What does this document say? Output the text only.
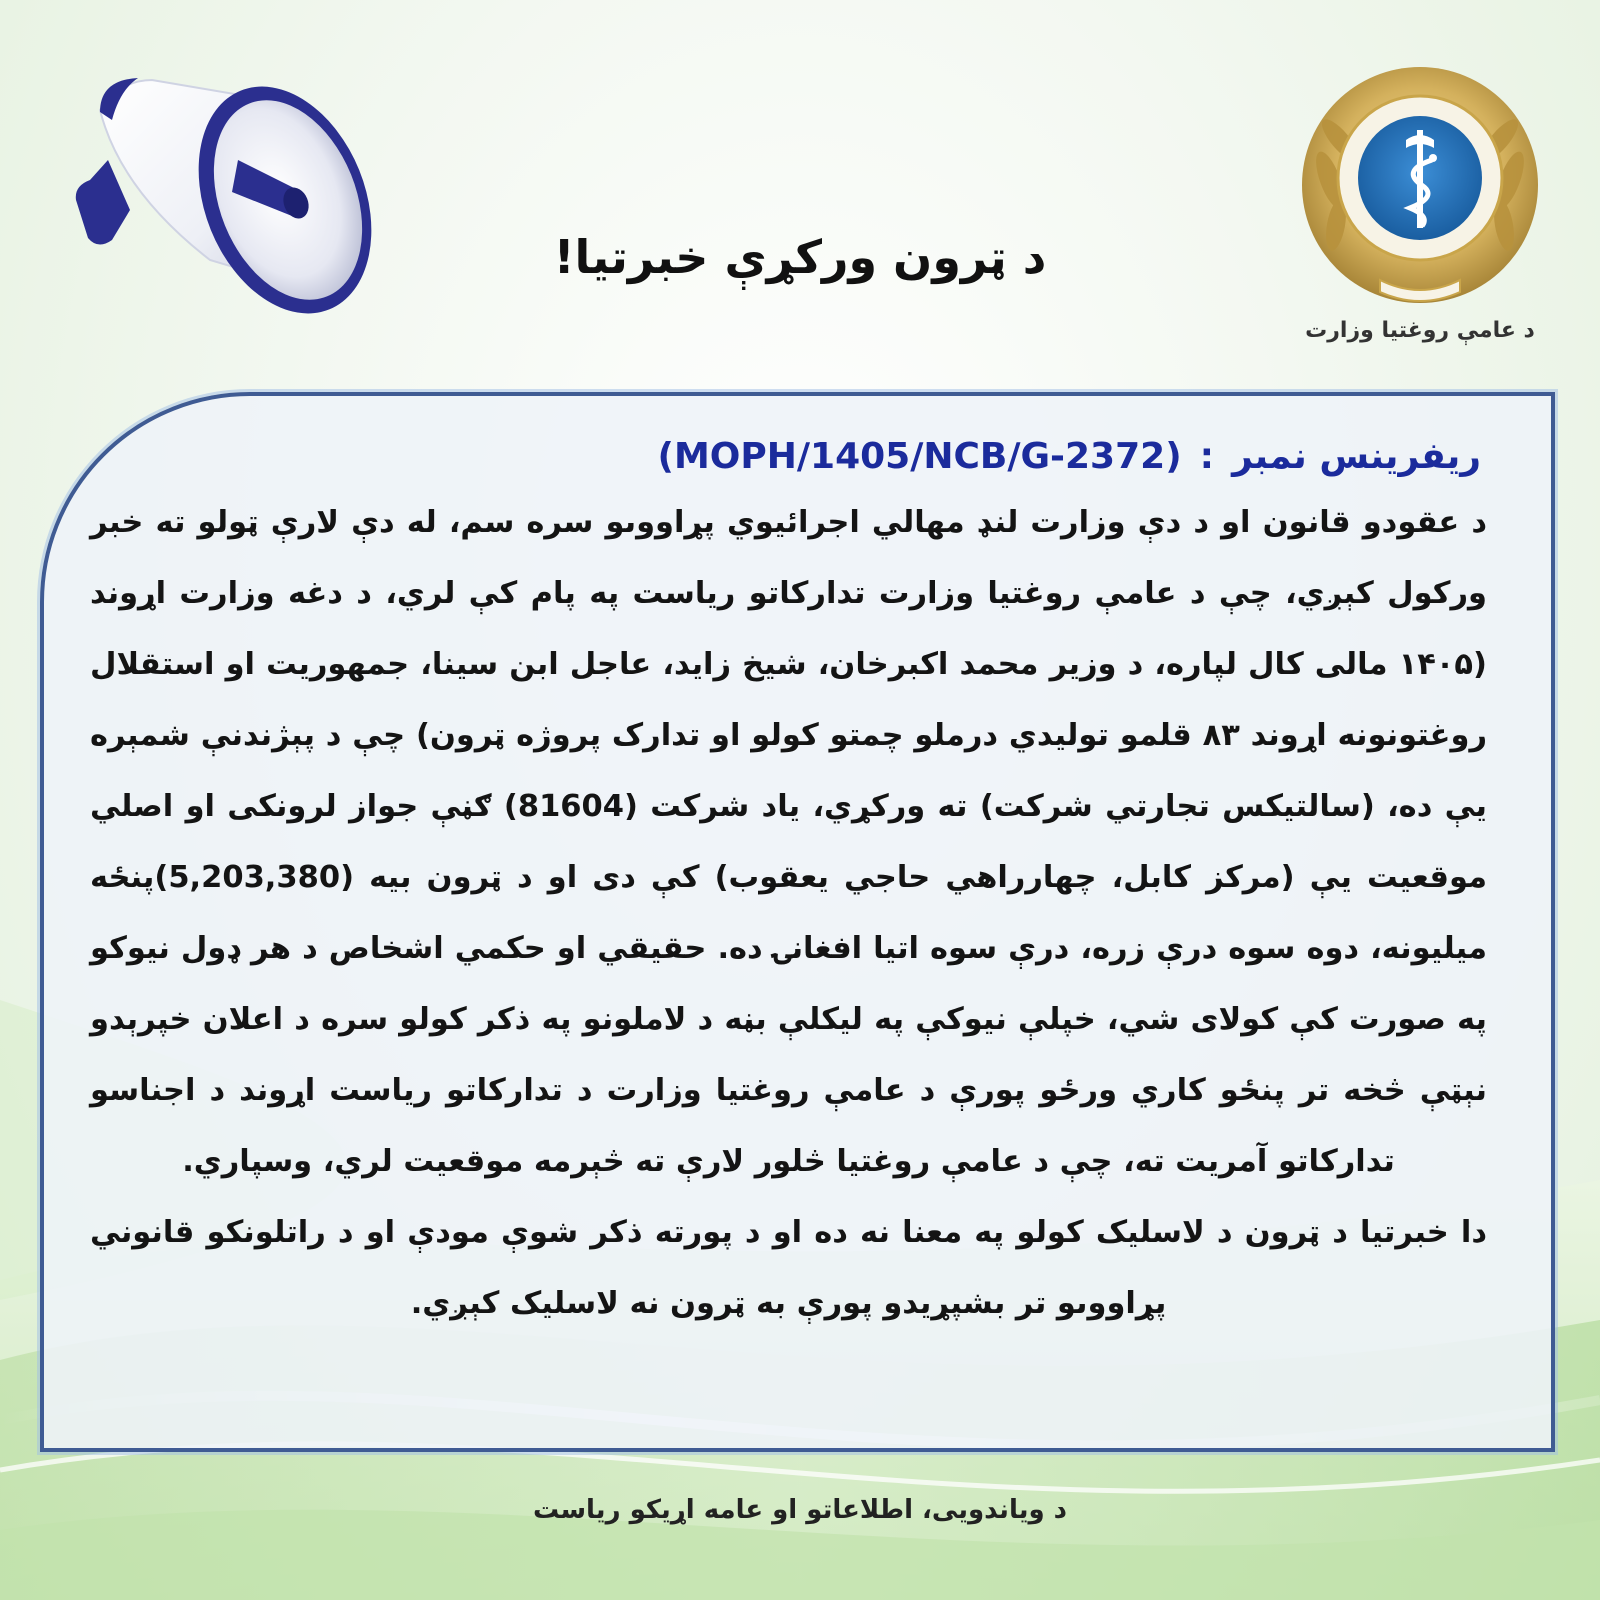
د عامې روغتیا وزارت
د ټرون ورکړې خبرتیا!

ریفرینس نمبر:(MOPH/1405/NCB/G-2372)

د عقودو قانون او د دې وزارت لنډ مهالي اجرائیوي پړاووںو سره سم، له دې لارې ټولو ته خبر ورکول کېږي، چې د عامې روغتیا وزارت تدارکاتو ریاست په پام کې لري، د دغه وزارت اړوند (۱۴۰۵ مالی کال لپاره، د وزیر محمد اکبرخان، شیخ زاید، عاجل ابن سینا، جمهوریت او استقلال روغتونونه اړوند ۸۳ قلمو تولیدي درملو چمتو کولو او تدارک پروژه ټرون) چې د پېژندنې شمېره یې ده، (سالتیکس تجارتي شرکت) ته ورکړي، یاد شرکت (81604) ګڼې جواز لرونکی او اصلي موقعیت یې (مرکز کابل، چهارراهي حاجي یعقوب) کې دی او د ټرون بیه (5,203,380)پنځه میلیونه، دوه سوه درې زره، درې سوه اتیا افغانۍ ده. حقیقي او حکمي اشخاص د هر ډول نیوکو په صورت کې کولای شي، خپلې نیوکې په لیکلې بڼه د لاملونو په ذکر کولو سره د اعلان خپرېدو نېټې څخه تر پنځو کاري ورځو پورې د عامې روغتیا وزارت د تدارکاتو ریاست اړوند د اجناسو تدارکاتو آمریت ته، چې د عامې روغتیا څلور لارې ته څېرمه موقعیت لري، وسپاري.

دا خبرتیا د ټرون د لاسلیک کولو په معنا نه ده او د پورته ذکر شوې مودې او د راتلونکو قانوني پړاووںو تر بشپړیدو پورې به ټرون نه لاسلیک کېږي.

د ویاندویی، اطلاعاتو او عامه اړیکو ریاست
